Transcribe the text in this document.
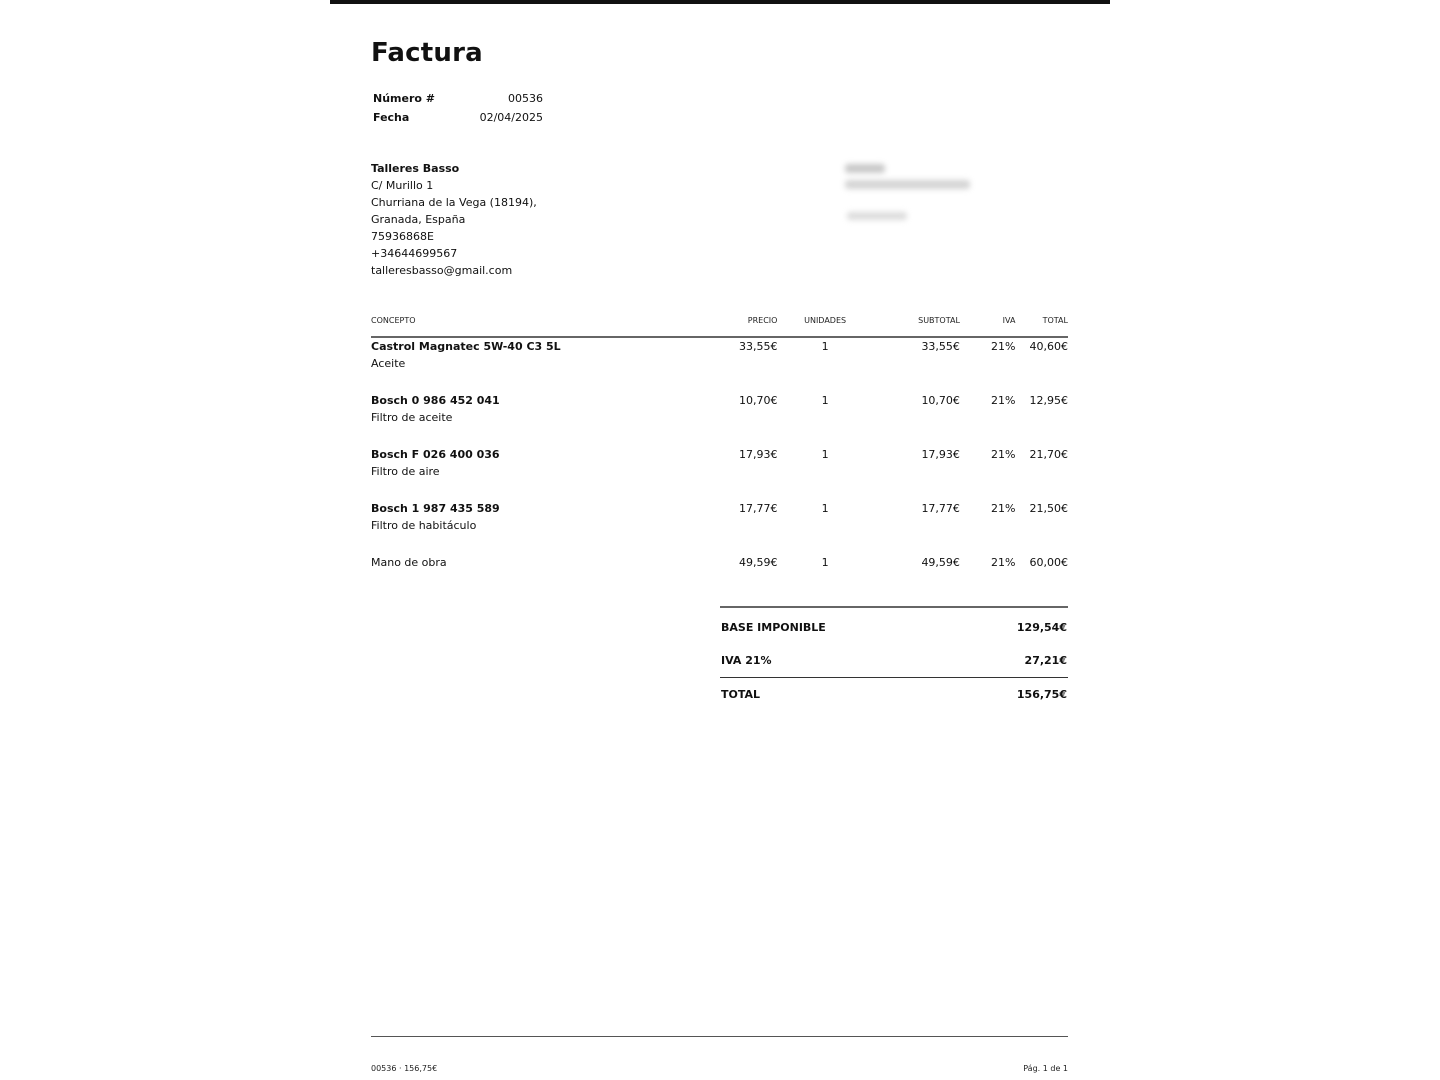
Factura
Número #	00536
Fecha	02/04/2025
Talleres Basso
C/ Murillo 1
Churriana de la Vega (18194),
Granada, España
75936868E
+34644699567
talleresbasso@gmail.com
CONCEPTO	PRECIO	UNIDADES	SUBTOTAL	IVA	TOTAL
Castrol Magnatec 5W-40 C3 5L
Aceite
33,55€	1	33,55€	21%	40,60€
Bosch 0 986 452 041
Filtro de aceite
10,70€	1	10,70€	21%	12,95€
Bosch F 026 400 036
Filtro de aire
17,93€	1	17,93€	21%	21,70€
Bosch 1 987 435 589
Filtro de habitáculo
17,77€	1	17,77€	21%	21,50€
Mano de obra	49,59€	1	49,59€	21%	60,00€
BASE IMPONIBLE	129,54€
IVA 21%	27,21€
TOTAL	156,75€
00536 · 156,75€	Pág. 1 de 1
